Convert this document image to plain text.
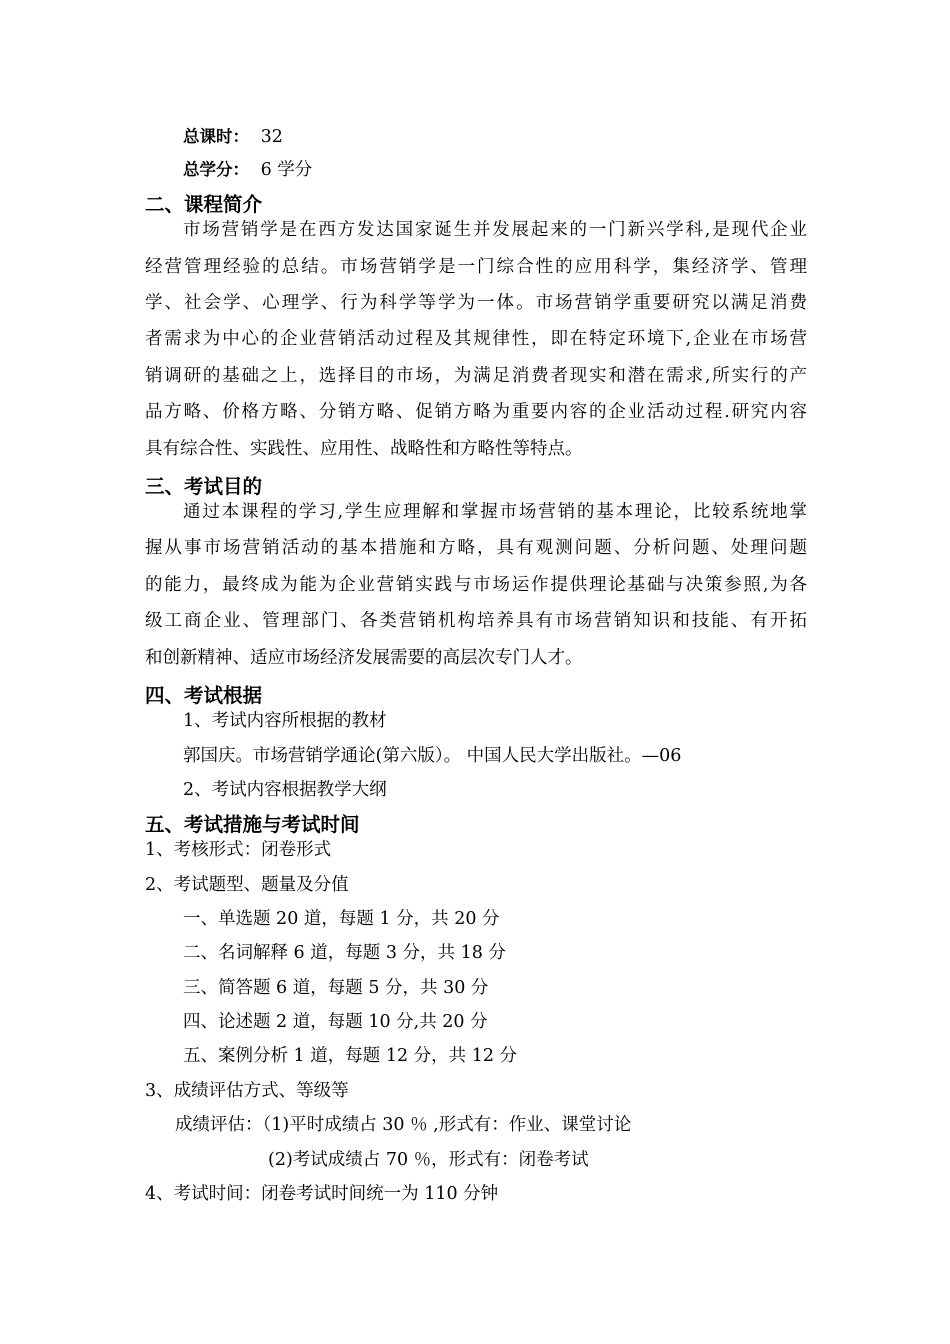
总课时： 32
总学分： 6 学分
二、课程简介
市场营销学是在西方发达国家诞生并发展起来的一门新兴学科,是现代企业
经营管理经验的总结。市场营销学是一门综合性的应用科学，集经济学、管理
学、社会学、心理学、行为科学等学为一体。市场营销学重要研究以满足消费
者需求为中心的企业营销活动过程及其规律性，即在特定环境下,企业在市场营
销调研的基础之上，选择目的市场，为满足消费者现实和潜在需求,所实行的产
品方略、价格方略、分销方略、促销方略为重要内容的企业活动过程.研究内容
具有综合性、实践性、应用性、战略性和方略性等特点。
三、考试目的
通过本课程的学习,学生应理解和掌握市场营销的基本理论，比较系统地掌
握从事市场营销活动的基本措施和方略，具有观测问题、分析问题、处理问题
的能力，最终成为能为企业营销实践与市场运作提供理论基础与决策参照,为各
级工商企业、管理部门、各类营销机构培养具有市场营销知识和技能、有开拓
和创新精神、适应市场经济发展需要的高层次专门人才。
四、考试根据
1、考试内容所根据的教材
郭国庆。市场营销学通论(第六版）。 中国人民大学出版社。—06
2、考试内容根据教学大纲
五、考试措施与考试时间
1、考核形式：闭卷形式
2、考试题型、题量及分值
一、单选题 20 道，每题 1 分，共 20 分
二、名词解释 6 道，每题 3 分，共 18 分
三、简答题 6 道，每题 5 分，共 30 分
四、论述题 2 道，每题 10 分,共 20 分
五、案例分析 1 道，每题 12 分，共 12 分
3、成绩评估方式、等级等
成绩评估：（1)平时成绩占 30 ％ ,形式有：作业、课堂讨论
(2)考试成绩占 70 ％，形式有：闭卷考试
4、考试时间：闭卷考试时间统一为 110 分钟
